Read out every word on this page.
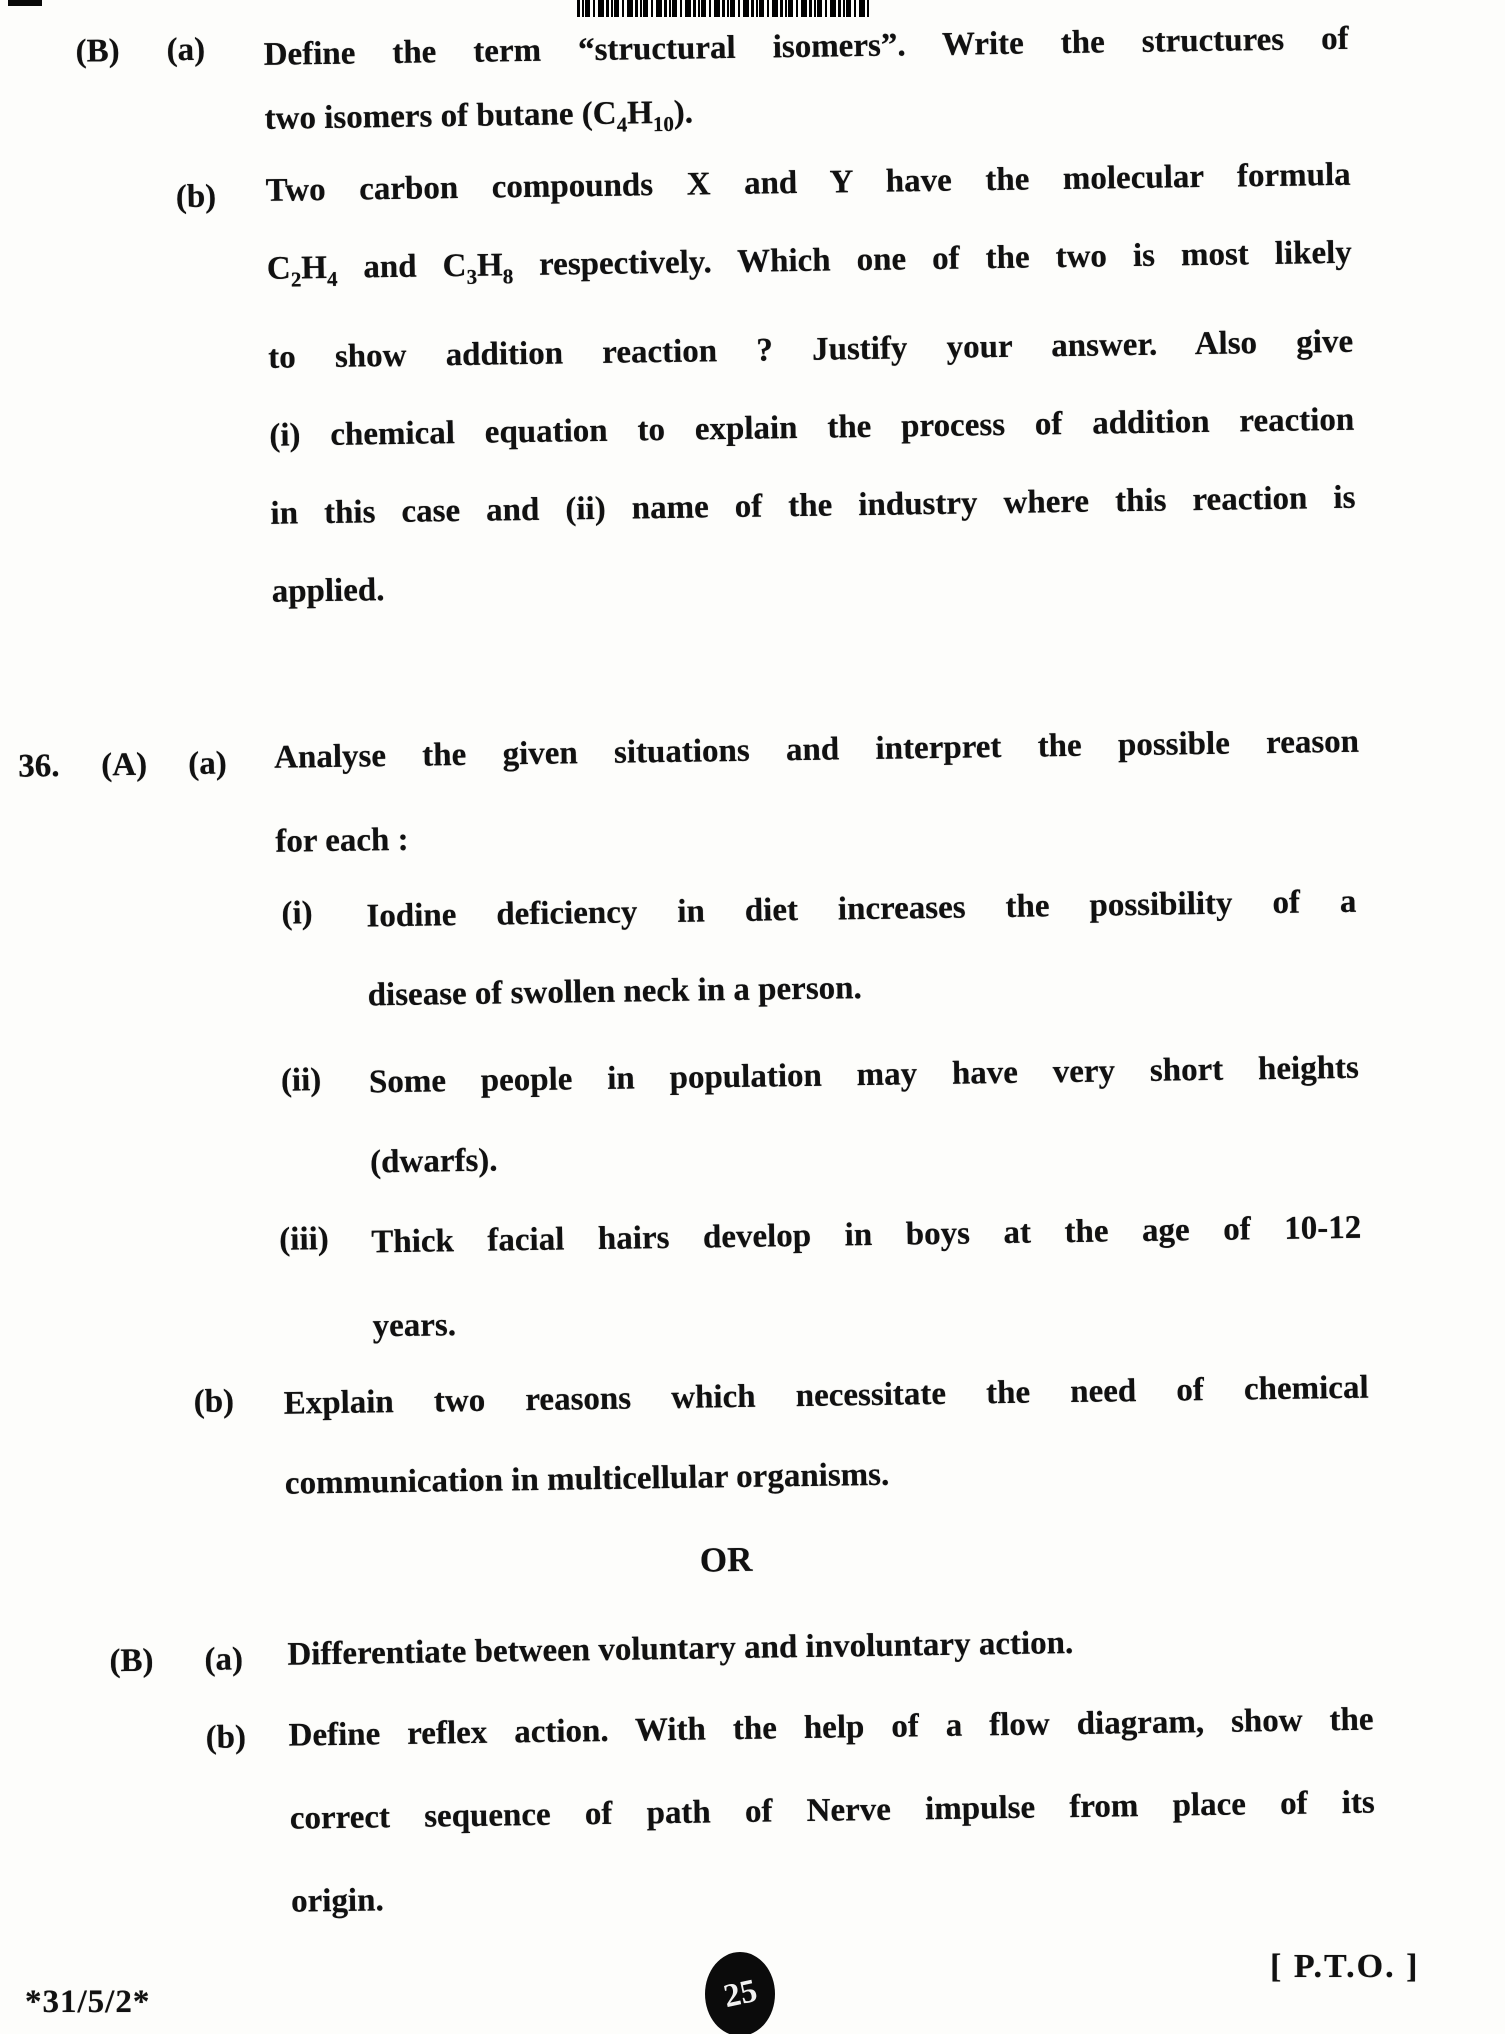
(B) (a) Define the term “structural isomers”. Write the structures of
two isomers of butane $(C_4H_{10})$.
(b) Two carbon compounds X and Y have the molecular formula
$C_2H_4$ and $C_3H_8$ respectively. Which one of the two is most likely
to show addition reaction ? Justify your answer. Also give
(i) chemical equation to explain the process of addition reaction
in this case and (ii) name of the industry where this reaction is
applied.
36. (A) (a) Analyse the given situations and interpret the possible reason
for each :
(i) Iodine deficiency in diet increases the possibility of a
disease of swollen neck in a person.
(ii) Some people in population may have very short heights
(dwarfs).
(iii) Thick facial hairs develop in boys at the age of 10-12
years.
(b) Explain two reasons which necessitate the need of chemical
communication in multicellular organisms.
OR
(B) (a) Differentiate between voluntary and involuntary action.
(b) Define reflex action. With the help of a flow diagram, show the
correct sequence of path of Nerve impulse from place of its
origin.
*31/5/2*	25
[ P.T.O. ]
